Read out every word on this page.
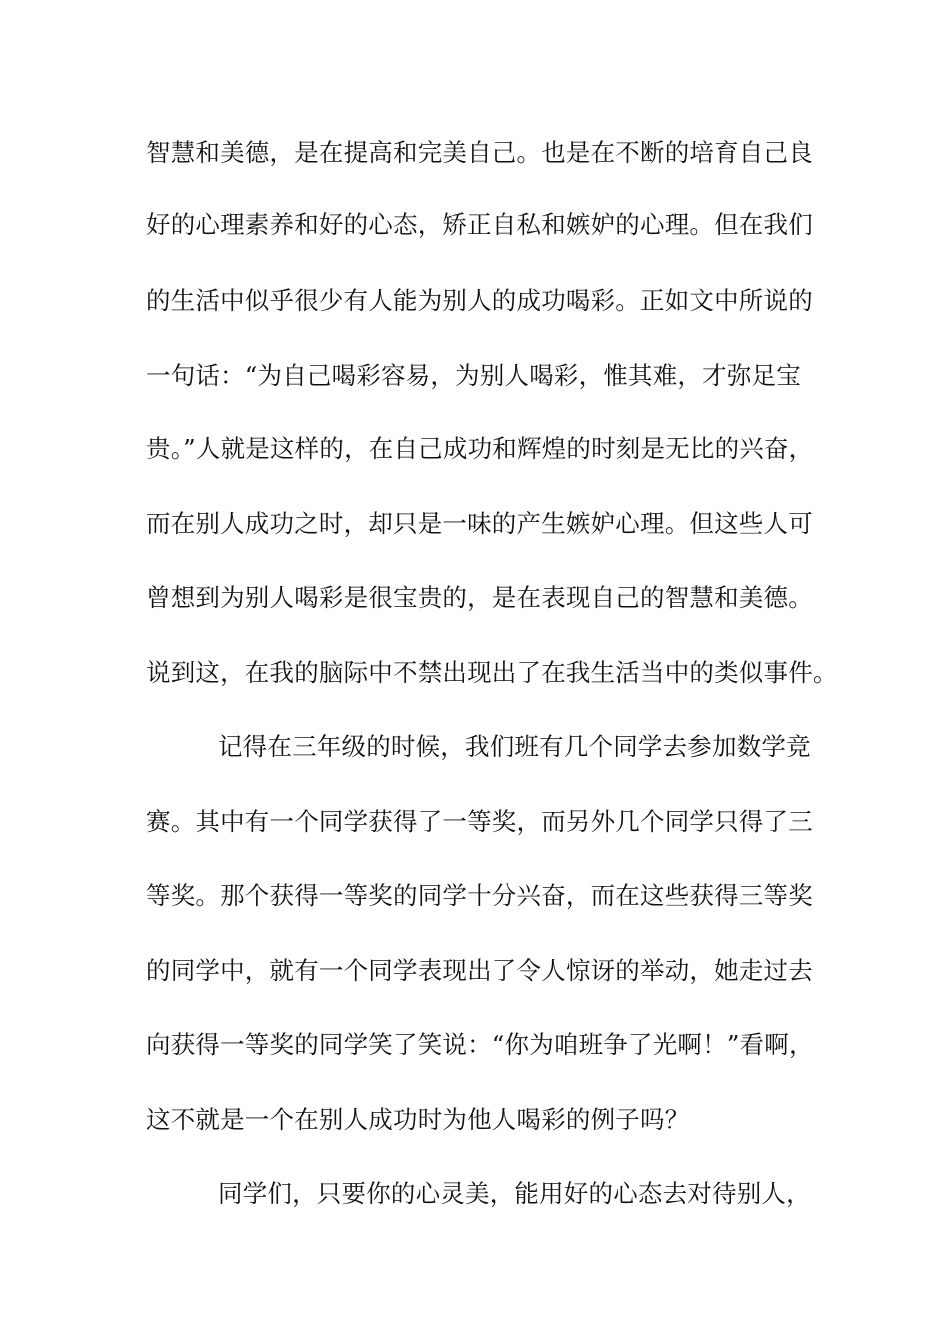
智慧和美德，是在提高和完美自己。也是在不断的培育自己良
好的心理素养和好的心态，矫正自私和嫉妒的心理。但在我们
的生活中似乎很少有人能为别人的成功喝彩。正如文中所说的
一句话：“为自己喝彩容易，为别人喝彩，惟其难，才弥足宝
贵。”人就是这样的，在自己成功和辉煌的时刻是无比的兴奋，
而在别人成功之时，却只是一味的产生嫉妒心理。但这些人可
曾想到为别人喝彩是很宝贵的，是在表现自己的智慧和美德。
说到这，在我的脑际中不禁出现出了在我生活当中的类似事件。
记得在三年级的时候，我们班有几个同学去参加数学竞
赛。其中有一个同学获得了一等奖，而另外几个同学只得了三
等奖。那个获得一等奖的同学十分兴奋，而在这些获得三等奖
的同学中，就有一个同学表现出了令人惊讶的举动，她走过去
向获得一等奖的同学笑了笑说：“你为咱班争了光啊！”看啊，
这不就是一个在别人成功时为他人喝彩的例子吗？
同学们，只要你的心灵美，能用好的心态去对待别人，
